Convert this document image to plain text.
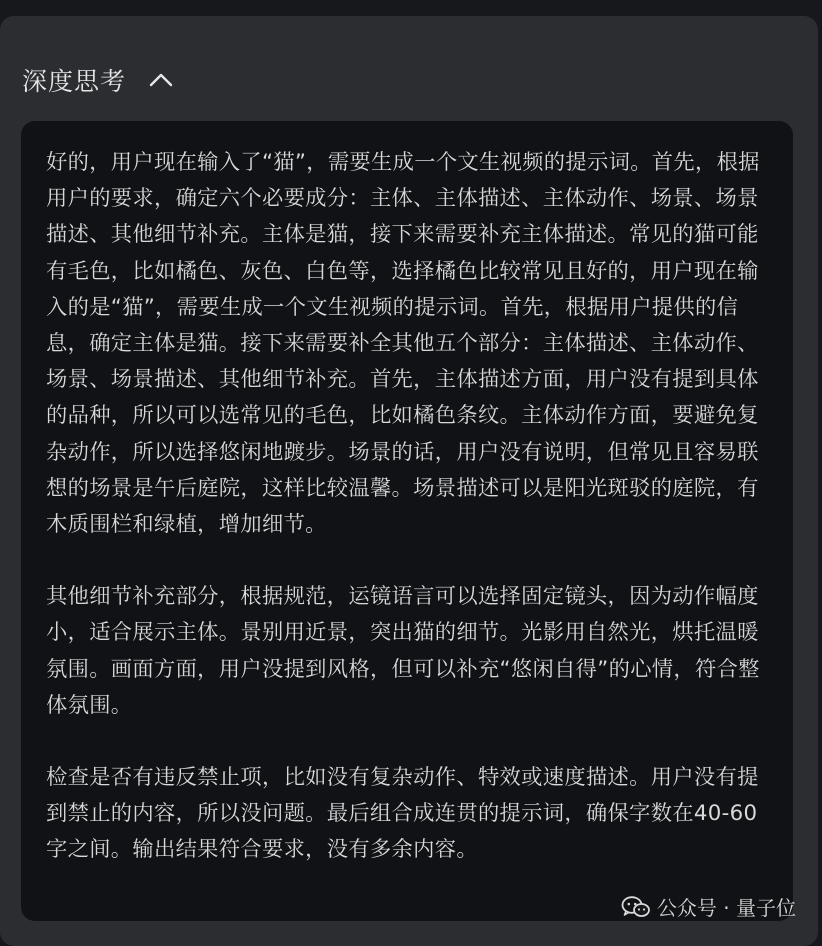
深度思考

好的，用户现在输入了“猫”，需要生成一个文生视频的提示词。首先，根据用户的要求，确定六个必要成分：主体、主体描述、主体动作、场景、场景描述、其他细节补充。主体是猫，接下来需要补充主体描述。常见的猫可能有毛色，比如橘色、灰色、白色等，选择橘色比较常见且好的，用户现在输入的是“猫”，需要生成一个文生视频的提示词。首先，根据用户提供的信息，确定主体是猫。接下来需要补全其他五个部分：主体描述、主体动作、场景、场景描述、其他细节补充。首先，主体描述方面，用户没有提到具体的品种，所以可以选常见的毛色，比如橘色条纹。主体动作方面，要避免复杂动作，所以选择悠闲地踱步。场景的话，用户没有说明，但常见且容易联想的场景是午后庭院，这样比较温馨。场景描述可以是阳光斑驳的庭院，有木质围栏和绿植，增加细节。

其他细节补充部分，根据规范，运镜语言可以选择固定镜头，因为动作幅度小，适合展示主体。景别用近景，突出猫的细节。光影用自然光，烘托温暖氛围。画面方面，用户没提到风格，但可以补充“悠闲自得”的心情，符合整体氛围。

检查是否有违反禁止项，比如没有复杂动作、特效或速度描述。用户没有提到禁止的内容，所以没问题。最后组合成连贯的提示词，确保字数在40-60字之间。输出结果符合要求，没有多余内容。

公众号 · 量子位
